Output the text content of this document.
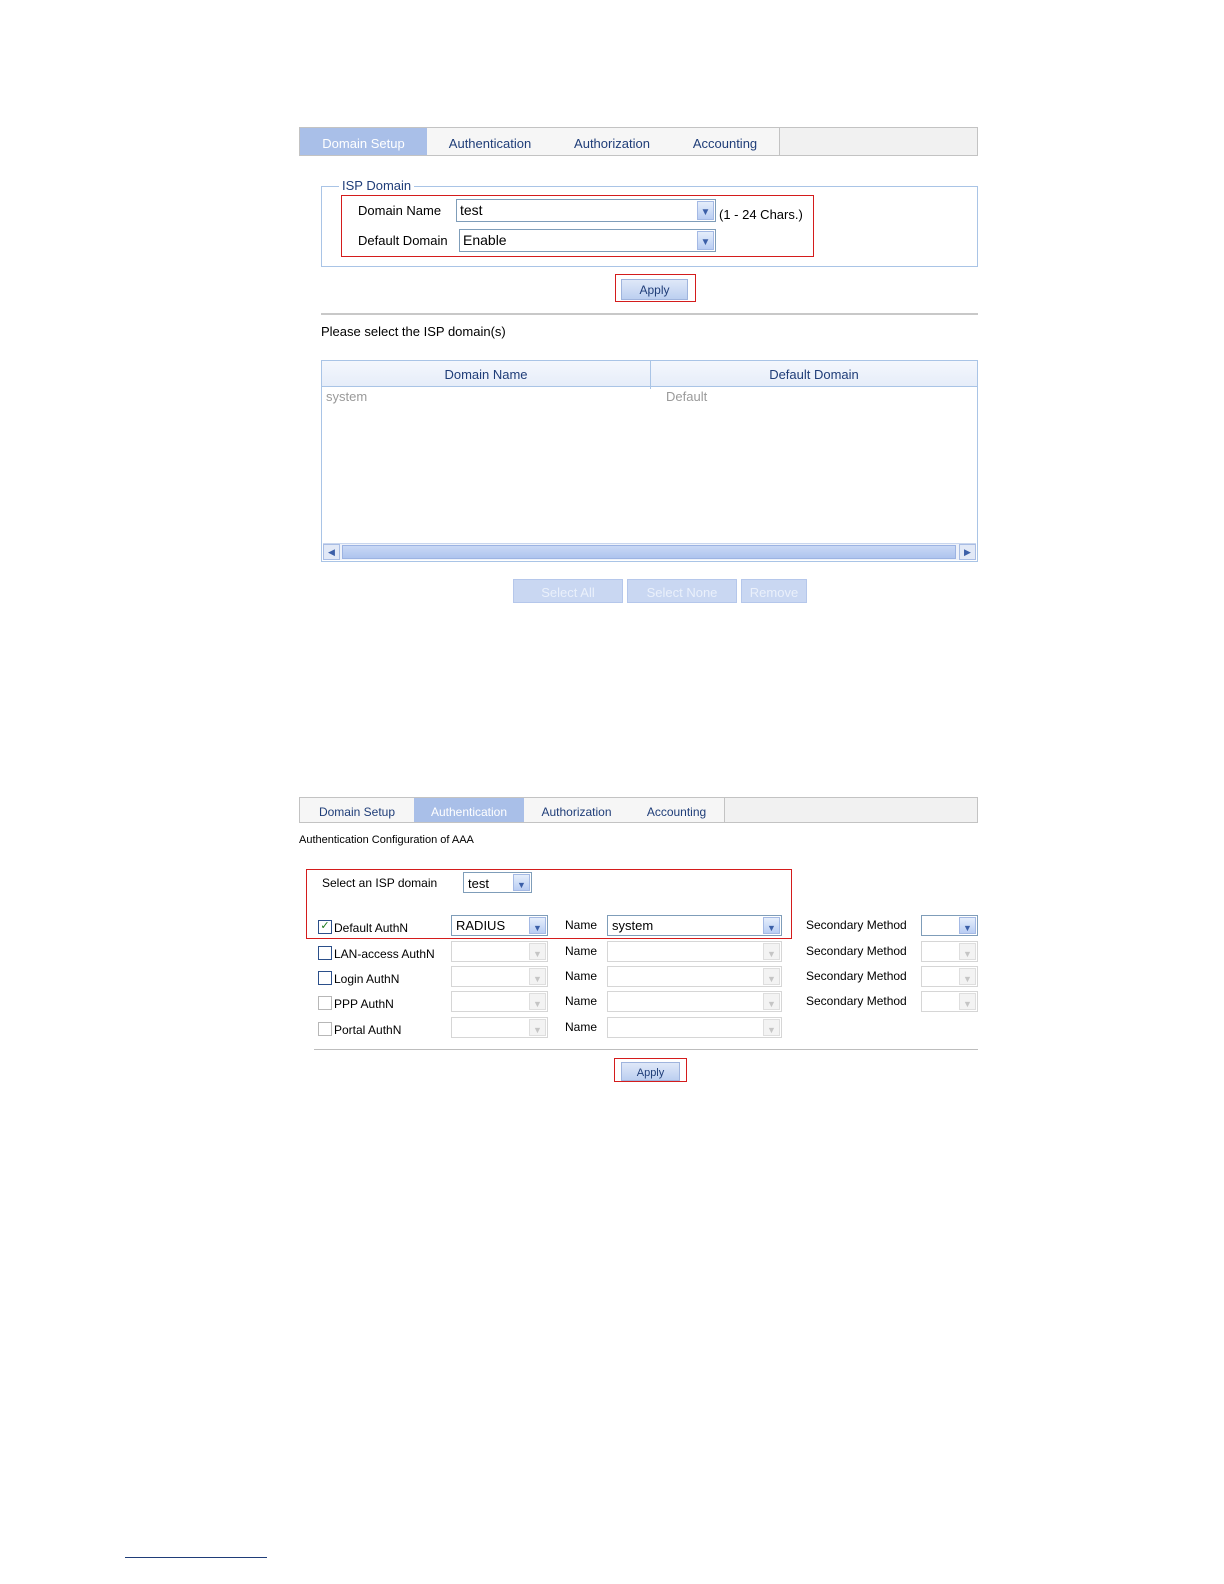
Domain Setup	Authentication	Authorization	Accounting
ISP Domain
Domain Name test	▼ (1 - 24 Chars.)
Default Domain Enable	▼
Apply
Please select the ISP domain(s)
Domain Name	Default Domain
system	Default
◀	▶
Select All	Select None	Remove
Domain Setup	Authentication	Authorization	Accounting
Authentication Configuration of AAA
Select an ISP domain	test	▼
✓ Default AuthN	RADIUS	▼	Name	system	▼	Secondary Method	▼
LAN-access AuthN	▼	Name	▼	Secondary Method	▼
Login AuthN	▼	Name	▼	Secondary Method	▼
PPP AuthN	▼	Name	▼	Secondary Method	▼
Portal AuthN	▼	Name	▼
Apply
